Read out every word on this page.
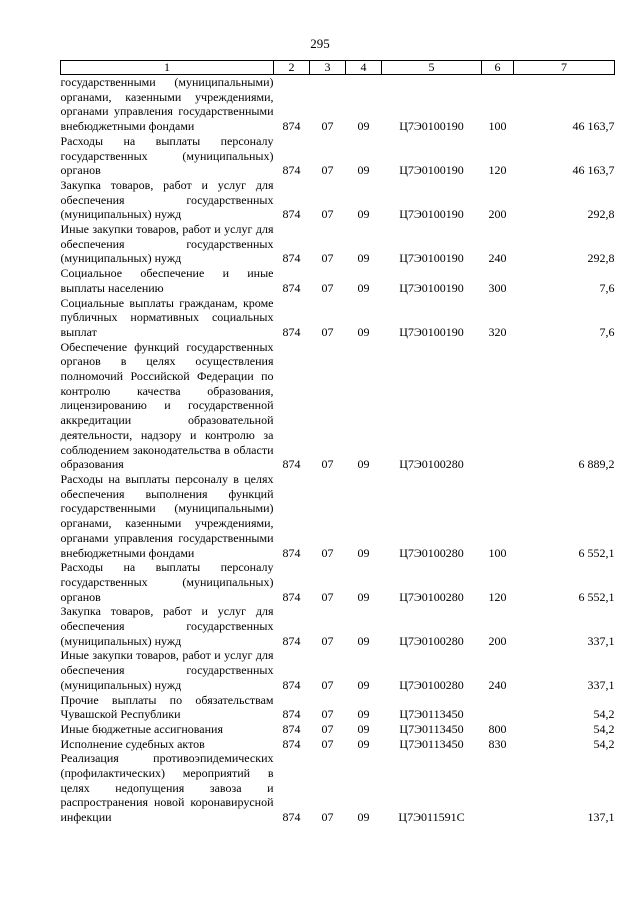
295
1	2	3	4	5	6	7
государственными (муниципальными) органами, казенными учреждениями, органами управления государственными внебюджетными фондами	874	07	09	Ц7Э0100190	100	46 163,7
Расходы на выплаты персоналу государственных (муниципальных) органов	874	07	09	Ц7Э0100190	120	46 163,7
Закупка товаров, работ и услуг для обеспечения государственных (муниципальных) нужд	874	07	09	Ц7Э0100190	200	292,8
Иные закупки товаров, работ и услуг для обеспечения государственных (муниципальных) нужд	874	07	09	Ц7Э0100190	240	292,8
Социальное обеспечение и иные выплаты населению	874	07	09	Ц7Э0100190	300	7,6
Социальные выплаты гражданам, кроме публичных нормативных социальных выплат	874	07	09	Ц7Э0100190	320	7,6
Обеспечение функций государственных органов в целях осуществления полномочий Российской Федерации по контролю качества образования, лицензированию и государственной аккредитации образовательной деятельности, надзору и контролю за соблюдением законодательства в области образования	874	07	09	Ц7Э0100280		6 889,2
Расходы на выплаты персоналу в целях обеспечения выполнения функций государственными (муниципальными) органами, казенными учреждениями, органами управления государственными внебюджетными фондами	874	07	09	Ц7Э0100280	100	6 552,1
Расходы на выплаты персоналу государственных (муниципальных) органов	874	07	09	Ц7Э0100280	120	6 552,1
Закупка товаров, работ и услуг для обеспечения государственных (муниципальных) нужд	874	07	09	Ц7Э0100280	200	337,1
Иные закупки товаров, работ и услуг для обеспечения государственных (муниципальных) нужд	874	07	09	Ц7Э0100280	240	337,1
Прочие выплаты по обязательствам Чувашской Республики	874	07	09	Ц7Э0113450		54,2
Иные бюджетные ассигнования	874	07	09	Ц7Э0113450	800	54,2
Исполнение судебных актов	874	07	09	Ц7Э0113450	830	54,2
Реализация противоэпидемических (профилактических) мероприятий в целях недопущения завоза и распространения новой коронавирусной инфекции	874	07	09	Ц7Э011591С		137,1
